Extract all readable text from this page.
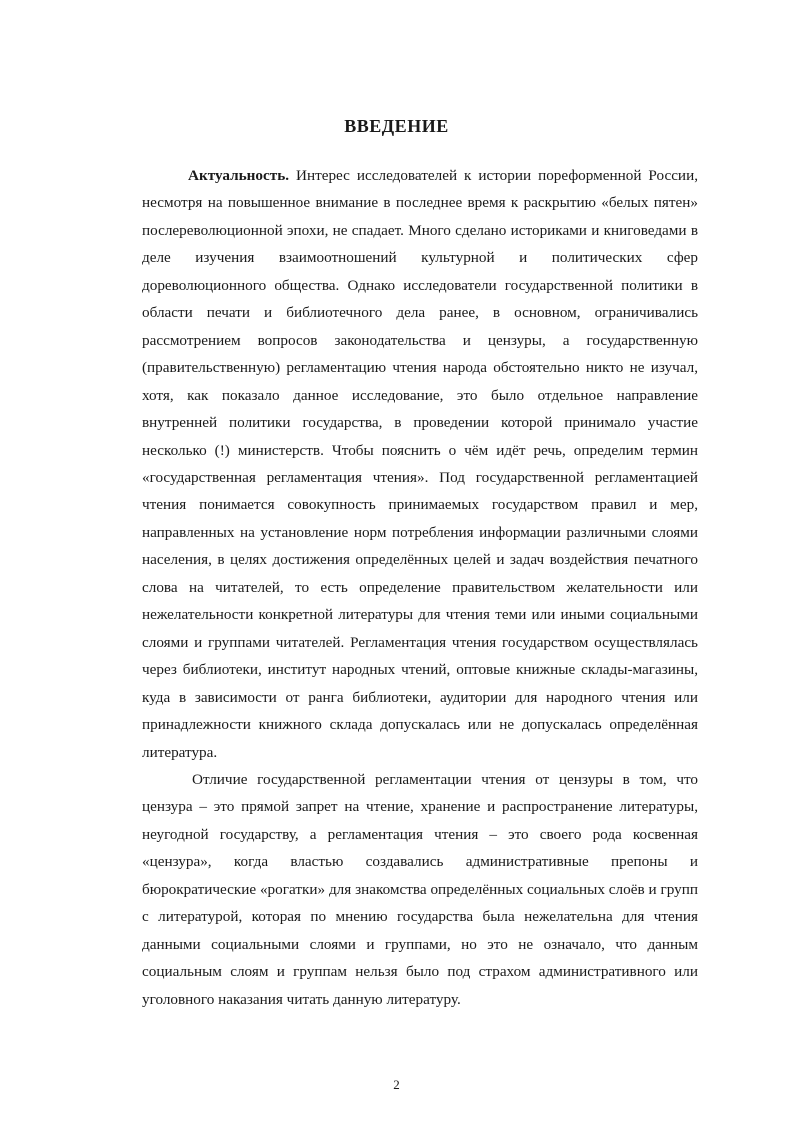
ВВЕДЕНИЕ

Актуальность. Интерес исследователей к истории пореформенной России, несмотря на повышенное внимание в последнее время к раскрытию «белых пятен» послереволюционной эпохи, не спадает. Много сделано историками и книговедами в деле изучения взаимоотношений культурной и политических сфер дореволюционного общества. Однако исследователи государственной политики в области печати и библиотечного дела ранее, в основном, ограничивались рассмотрением вопросов законодательства и цензуры, а государственную (правительственную) регламентацию чтения народа обстоятельно никто не изучал, хотя, как показало данное исследование, это было отдельное направление внутренней политики государства, в проведении которой принимало участие несколько (!) министерств. Чтобы пояснить о чём идёт речь, определим термин «государственная регламентация чтения». Под государственной регламентацией чтения понимается совокупность принимаемых государством правил и мер, направленных на установление норм потребления информации различными слоями населения, в целях достижения определённых целей и задач воздействия печатного слова на читателей, то есть определение правительством желательности или нежелательности конкретной литературы для чтения теми или иными социальными слоями и группами читателей. Регламентация чтения государством осуществлялась через библиотеки, институт народных чтений, оптовые книжные склады-магазины, куда в зависимости от ранга библиотеки, аудитории для народного чтения или принадлежности книжного склада допускалась или не допускалась определённая литература.

Отличие государственной регламентации чтения от цензуры в том, что цензура – это прямой запрет на чтение, хранение и распространение литературы, неугодной государству, а регламентация чтения – это своего рода косвенная «цензура», когда властью создавались административные препоны и бюрократические «рогатки» для знакомства определённых социальных слоёв и групп с литературой, которая по мнению государства была нежелательна для чтения данными социальными слоями и группами, но это не означало, что данным социальным слоям и группам нельзя было под страхом административного или уголовного наказания читать данную литературу.

2
